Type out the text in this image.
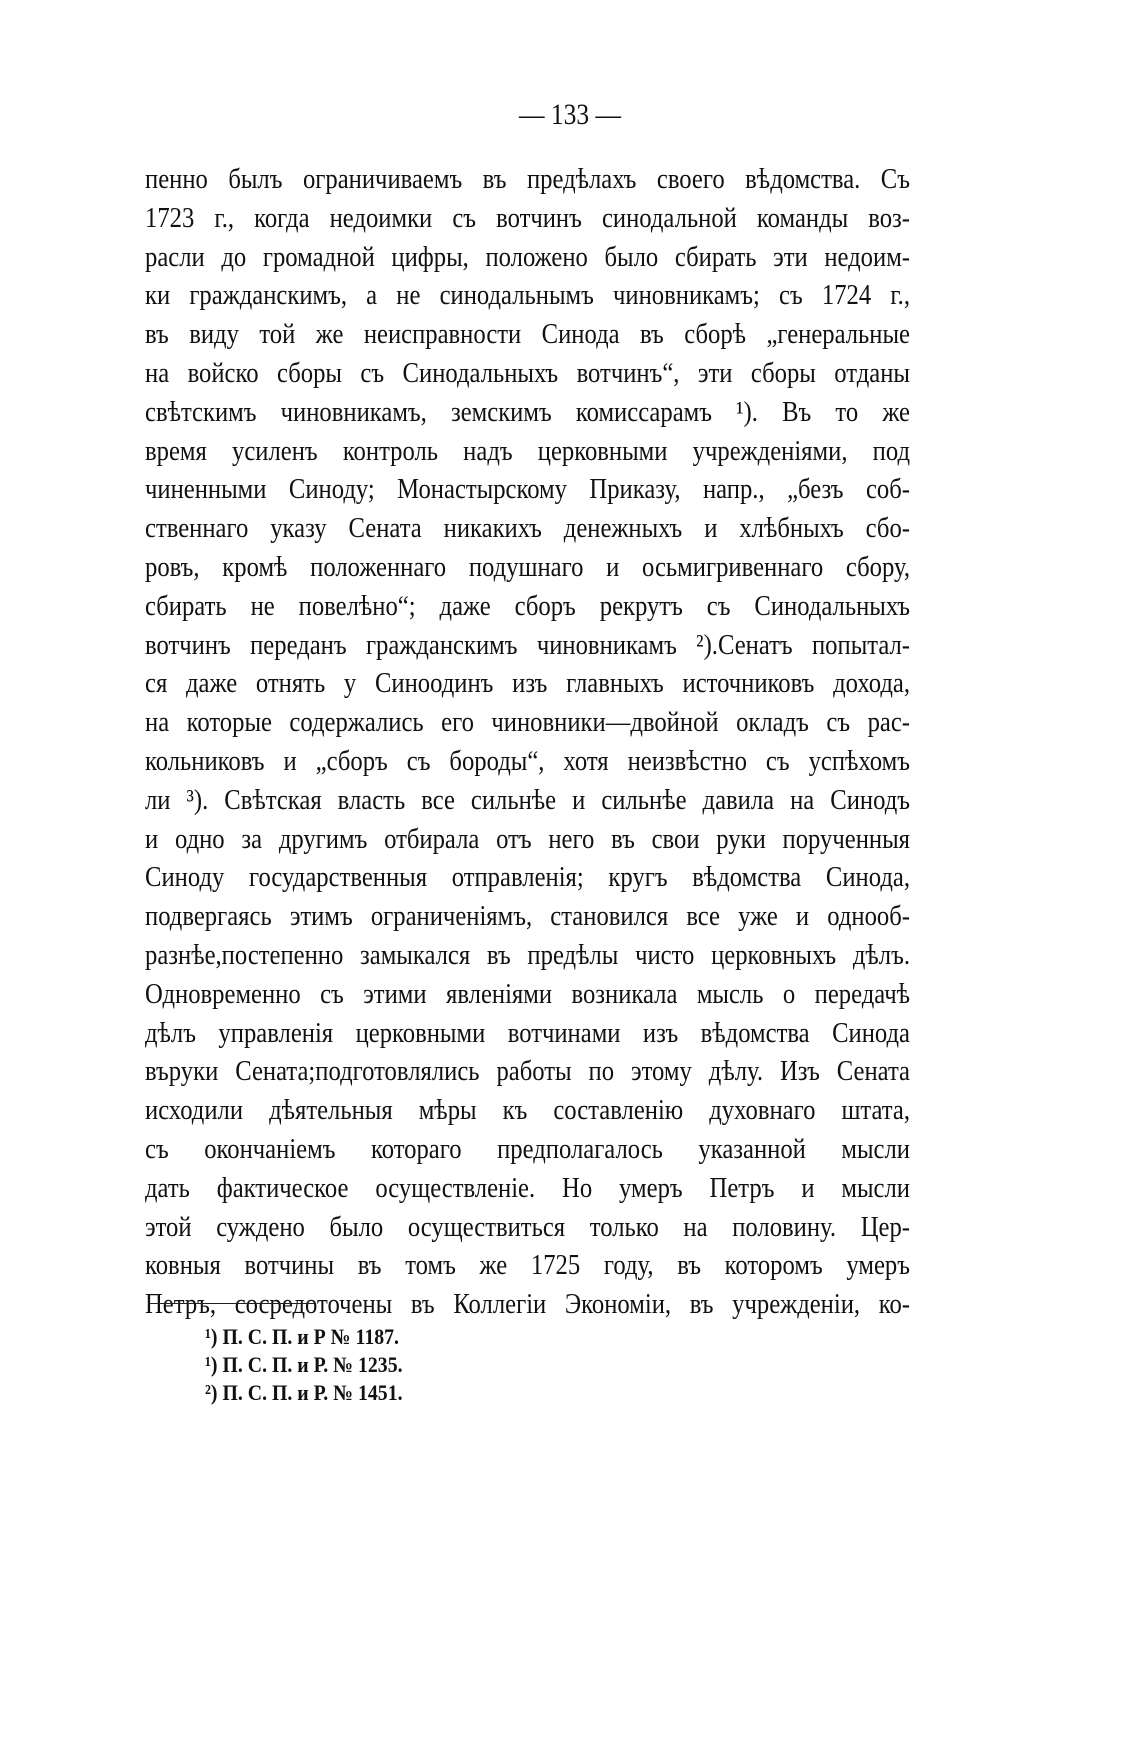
— 133 —
пенно былъ ограничиваемъ въ предѣлахъ своего вѣдомства. Съ
1723 г., когда недоимки съ вотчинъ синодальной команды воз-
расли до громадной цифры, положено было сбирать эти недоим-
ки гражданскимъ, а не синодальнымъ чиновникамъ; съ 1724 г.,
въ виду той же неисправности Синода въ сборѣ „генеральные
на войско сборы съ Синодальныхъ вотчинъ“, эти сборы отданы
свѣтскимъ чиновникамъ, земскимъ комиссарамъ ¹). Въ то же
время усиленъ контроль надъ церковными учрежденіями, под
чиненными Синоду; Монастырскому Приказу, напр., „безъ соб-
ственнаго указу Сената никакихъ денежныхъ и хлѣбныхъ сбо-
ровъ, кромѣ положеннаго подушнаго и осьмигривеннаго сбору,
сбирать не повелѣно“; даже сборъ рекрутъ съ Синодальныхъ
вотчинъ переданъ гражданскимъ чиновникамъ ²).Сенатъ попытал-
ся даже отнять у Синоодинъ изъ главныхъ источниковъ дохода,
на которые содержались его чиновники—двойной окладъ съ рас-
кольниковъ и „сборъ съ бороды“, хотя неизвѣстно съ успѣхомъ
ли ³). Свѣтская власть все сильнѣе и сильнѣе давила на Синодъ
и одно за другимъ отбирала отъ него въ свои руки порученныя
Синоду государственныя отправленія; кругъ вѣдомства Синода,
подвергаясь этимъ ограниченіямъ, становился все уже и однооб-
разнѣе,постепенно замыкался въ предѣлы чисто церковныхъ дѣлъ.
Одновременно съ этими явленіями возникала мысль о передачѣ
дѣлъ управленія церковными вотчинами изъ вѣдомства Синода
въруки Сената;подготовлялись работы по этому дѣлу. Изъ Сената
исходили дѣятельныя мѣры къ составленію духовнаго штата,
съ окончаніемъ котораго предполагалось указанной мысли
дать фактическое осуществленіе. Но умеръ Петръ и мысли
этой суждено было осуществиться только на половину. Цер-
ковныя вотчины въ томъ же 1725 году, въ которомъ умеръ
Петръ, сосредоточены въ Коллегіи Экономіи, въ учрежденіи, ко-
¹) П. С. П. и Р № 1187.
¹) П. С. П. и Р. № 1235.
²) П. С. П. и Р. № 1451.
